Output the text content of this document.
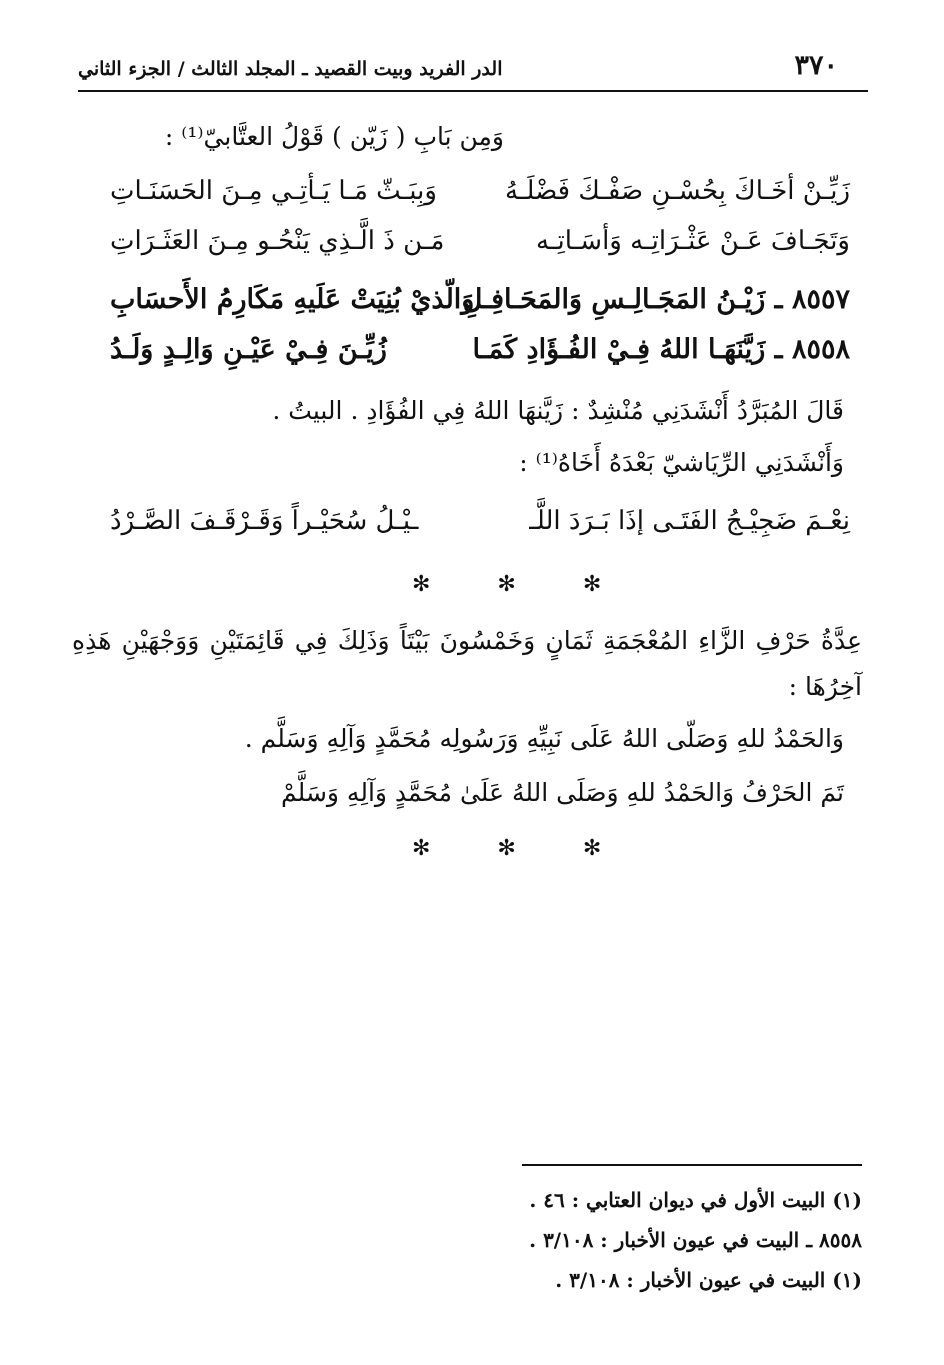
٣٧٠
الدر الفريد وبيت القصيد ـ المجلد الثالث / الجزء الثاني
وَمِن بَابِ ( زَيّن ) قَوْلُ العتَّابيّ⁽¹⁾ :
زَيِّـنْ أخَـاكَ بِحُسْـنِ صَفْـكَ فَضْلَـهُ
وَبِبَـثّ مَـا يَـأتِـي مِـنَ الحَسَنَـاتِ
وَتَجَـافَ عَـنْ عَثْـرَاتِـه وَأسَـاتِـه
مَـن ذَ الَّـذِي يَنْحُـو مِـنَ العَثَـرَاتِ
٨٥٥٧ ـ زَيْـنُ المَجَـالِـسِ وَالمَحَـافِـلِ
وَالّذيْ بُنِيَتْ عَلَيهِ مَكَارِمُ الأَحسَابِ
٨٥٥٨ ـ زَيَّنَهَـا اللهُ فِـيْ الفُـؤَادِ كَمَـا
زُيِّـنَ فِـيْ عَيْـنِ وَالِـدٍ وَلَـدُ
قَالَ المُبَرَّدُ أَنْشَدَنِي مُنْشِدٌ : زَيَّنهَا اللهُ فِي الفُؤَادِ . البيتُ .
وَأَنْشَدَنِي الرِّيَاشيّ بَعْدَهُ أَخَاهُ⁽¹⁾ :
نِعْـمَ ضَجِيْـجُ الفَتَـى إذَا بَـرَدَ اللَّـ
ـيْـلُ سُحَيْـراً وَقَـرْقَـفَ الصَّـرْدُ
✻ ✻ ✻
عِدَّةُ حَرْفِ الزَّاءِ المُعْجَمَةِ ثَمَانٍ وَخَمْسُونَ بَيْتَاً وَذَلِكَ فِي قَائِمَتَيْنِ وَوَجْهَيْنِ هَذِهِ آخِرُهَا :
وَالحَمْدُ للهِ وَصَلّى اللهُ عَلَى نَبِيِّهِ وَرَسُولِه مُحَمَّدٍ وَآلِهِ وَسَلَّم .
تَمَ الحَرْفُ وَالحَمْدُ للهِ وَصَلَى اللهُ عَلَىٰ مُحَمَّدٍ وَآلِهِ وَسَلَّمْ
✻ ✻ ✻
(١) البيت الأول في ديوان العتابي : ٤٦ .
٨٥٥٨ ـ البيت في عيون الأخبار : ٣/١٠٨ .
(١) البيت في عيون الأخبار : ٣/١٠٨ .
